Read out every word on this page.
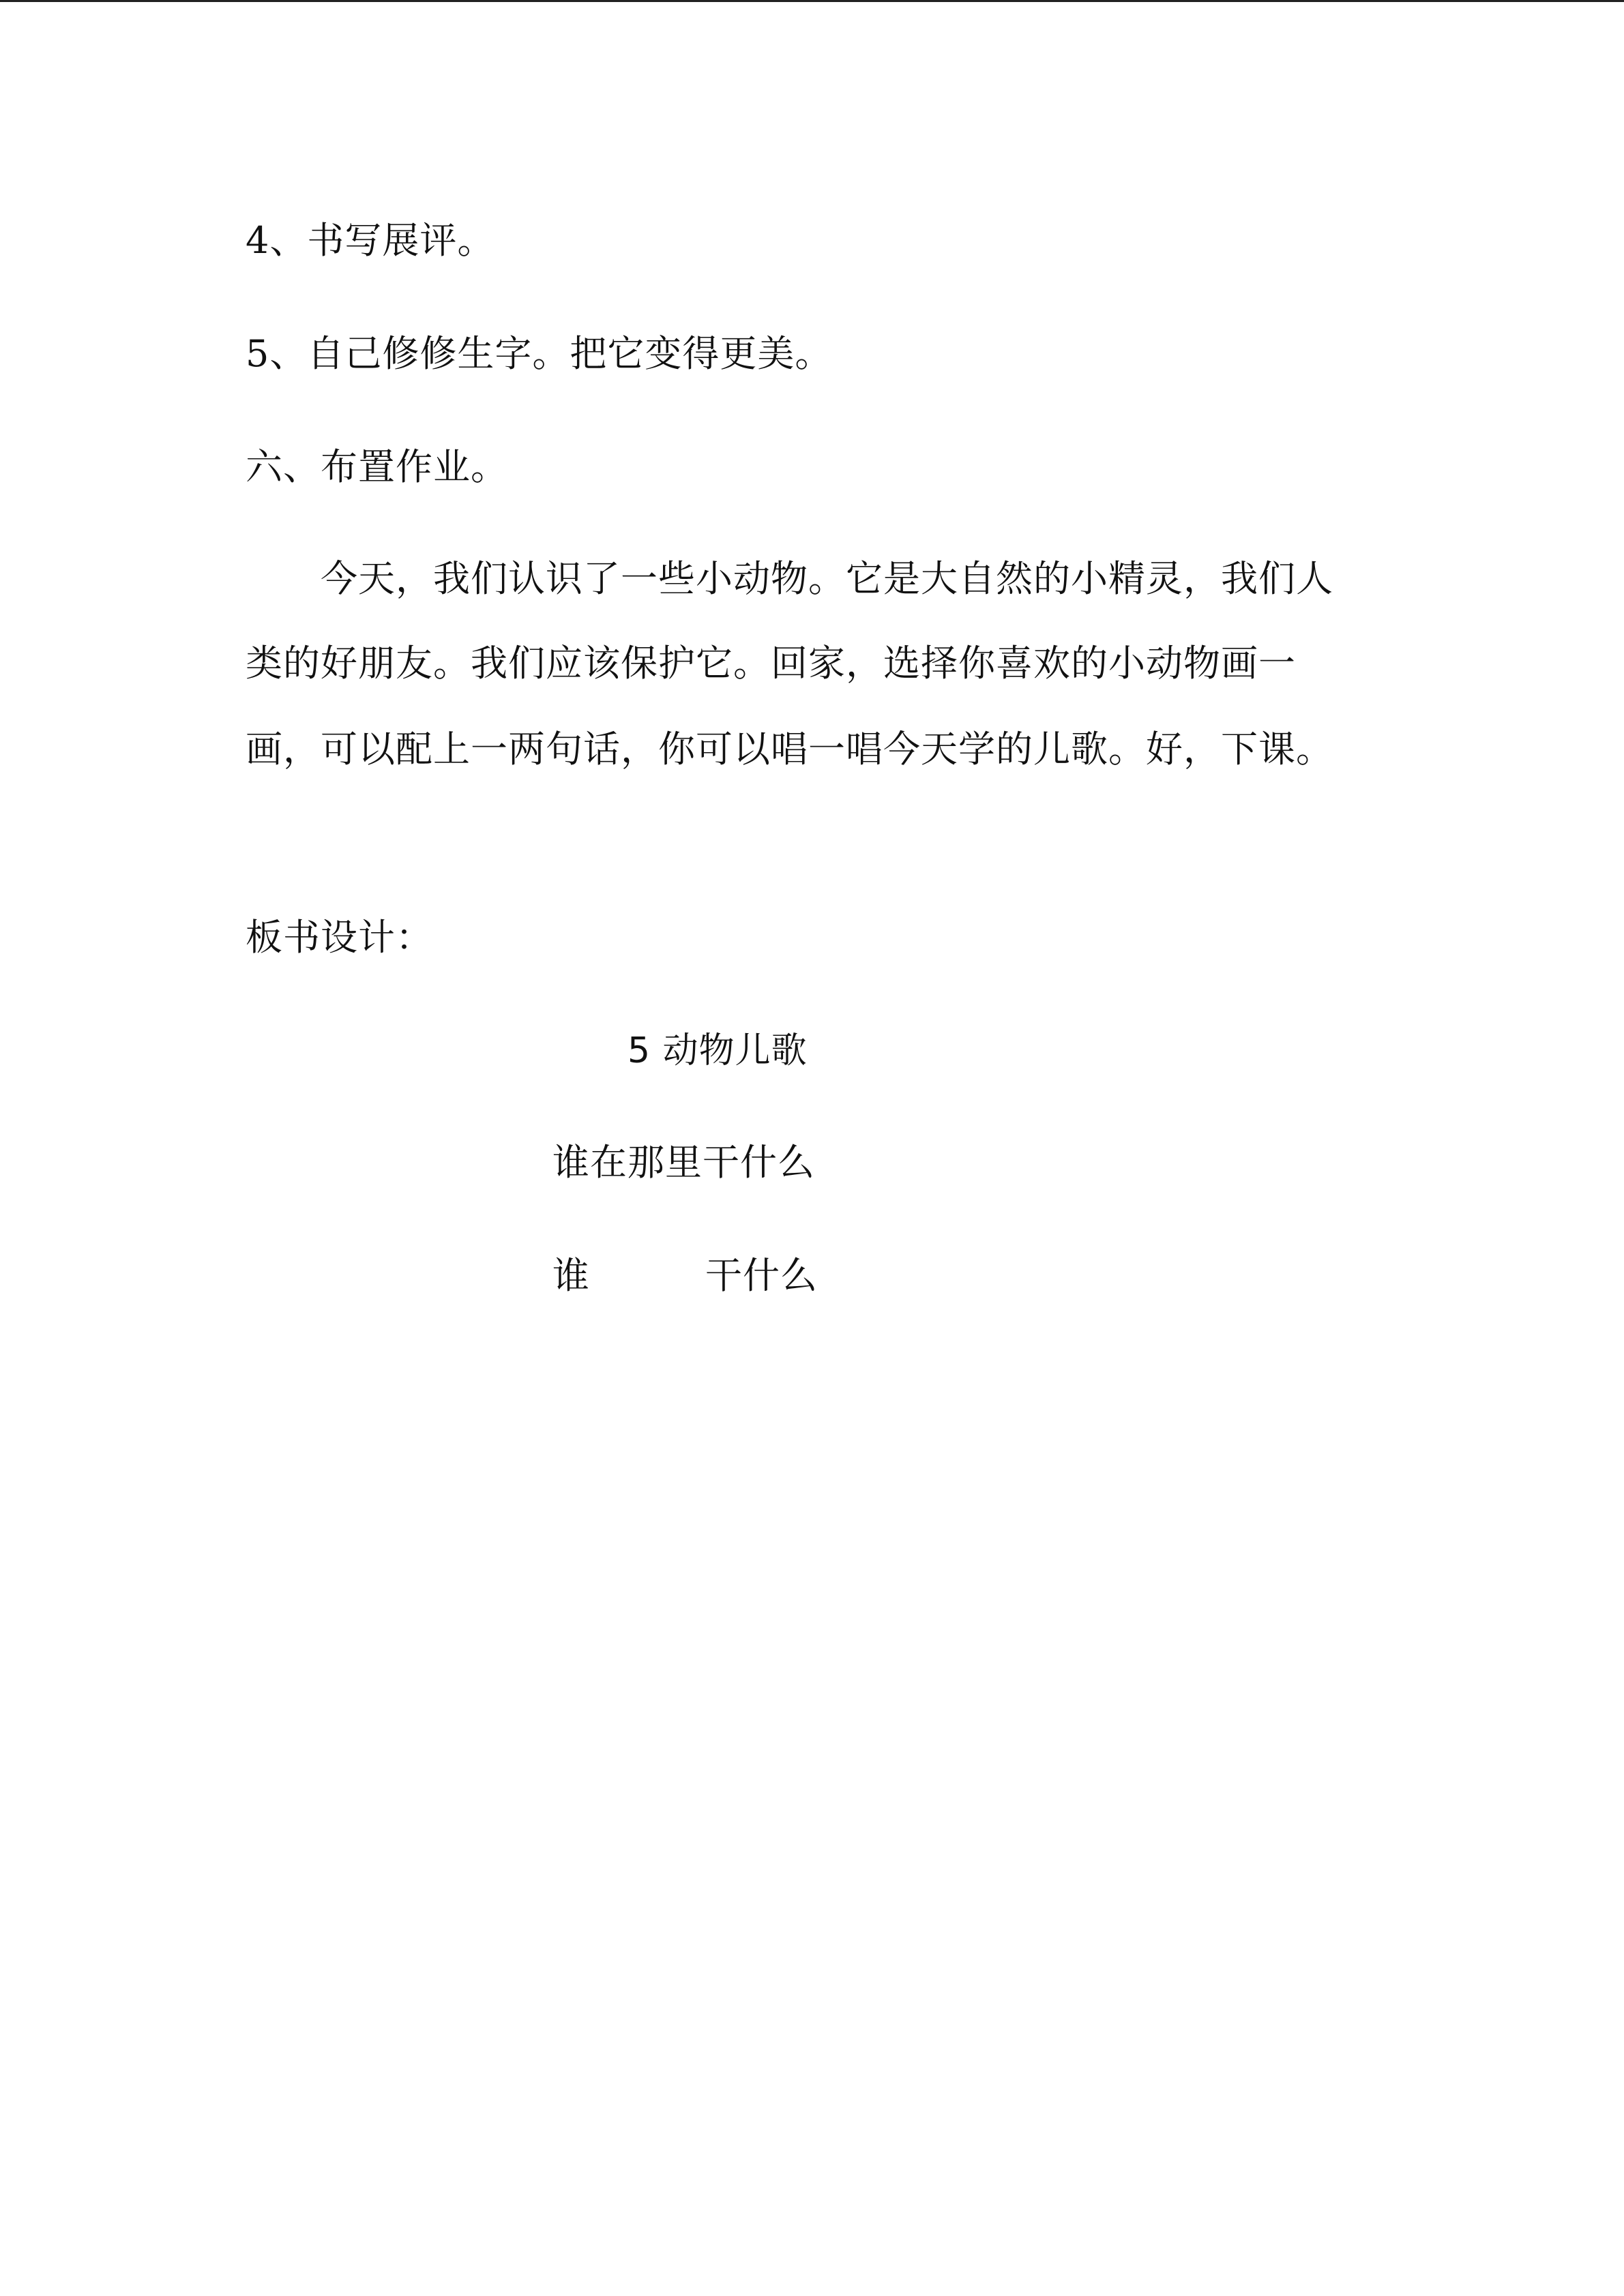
4、书写展评。
5、自己修修生字。把它变得更美。
六、布置作业。
今天，我们认识了一些小动物。它是大自然的小精灵，我们人
类的好朋友。我们应该保护它。回家，选择你喜欢的小动物画一
画，可以配上一两句话，你可以唱一唱今天学的儿歌。好，下课。
板书设计：
5 动物儿歌
谁在那里干什么
谁	干什么
